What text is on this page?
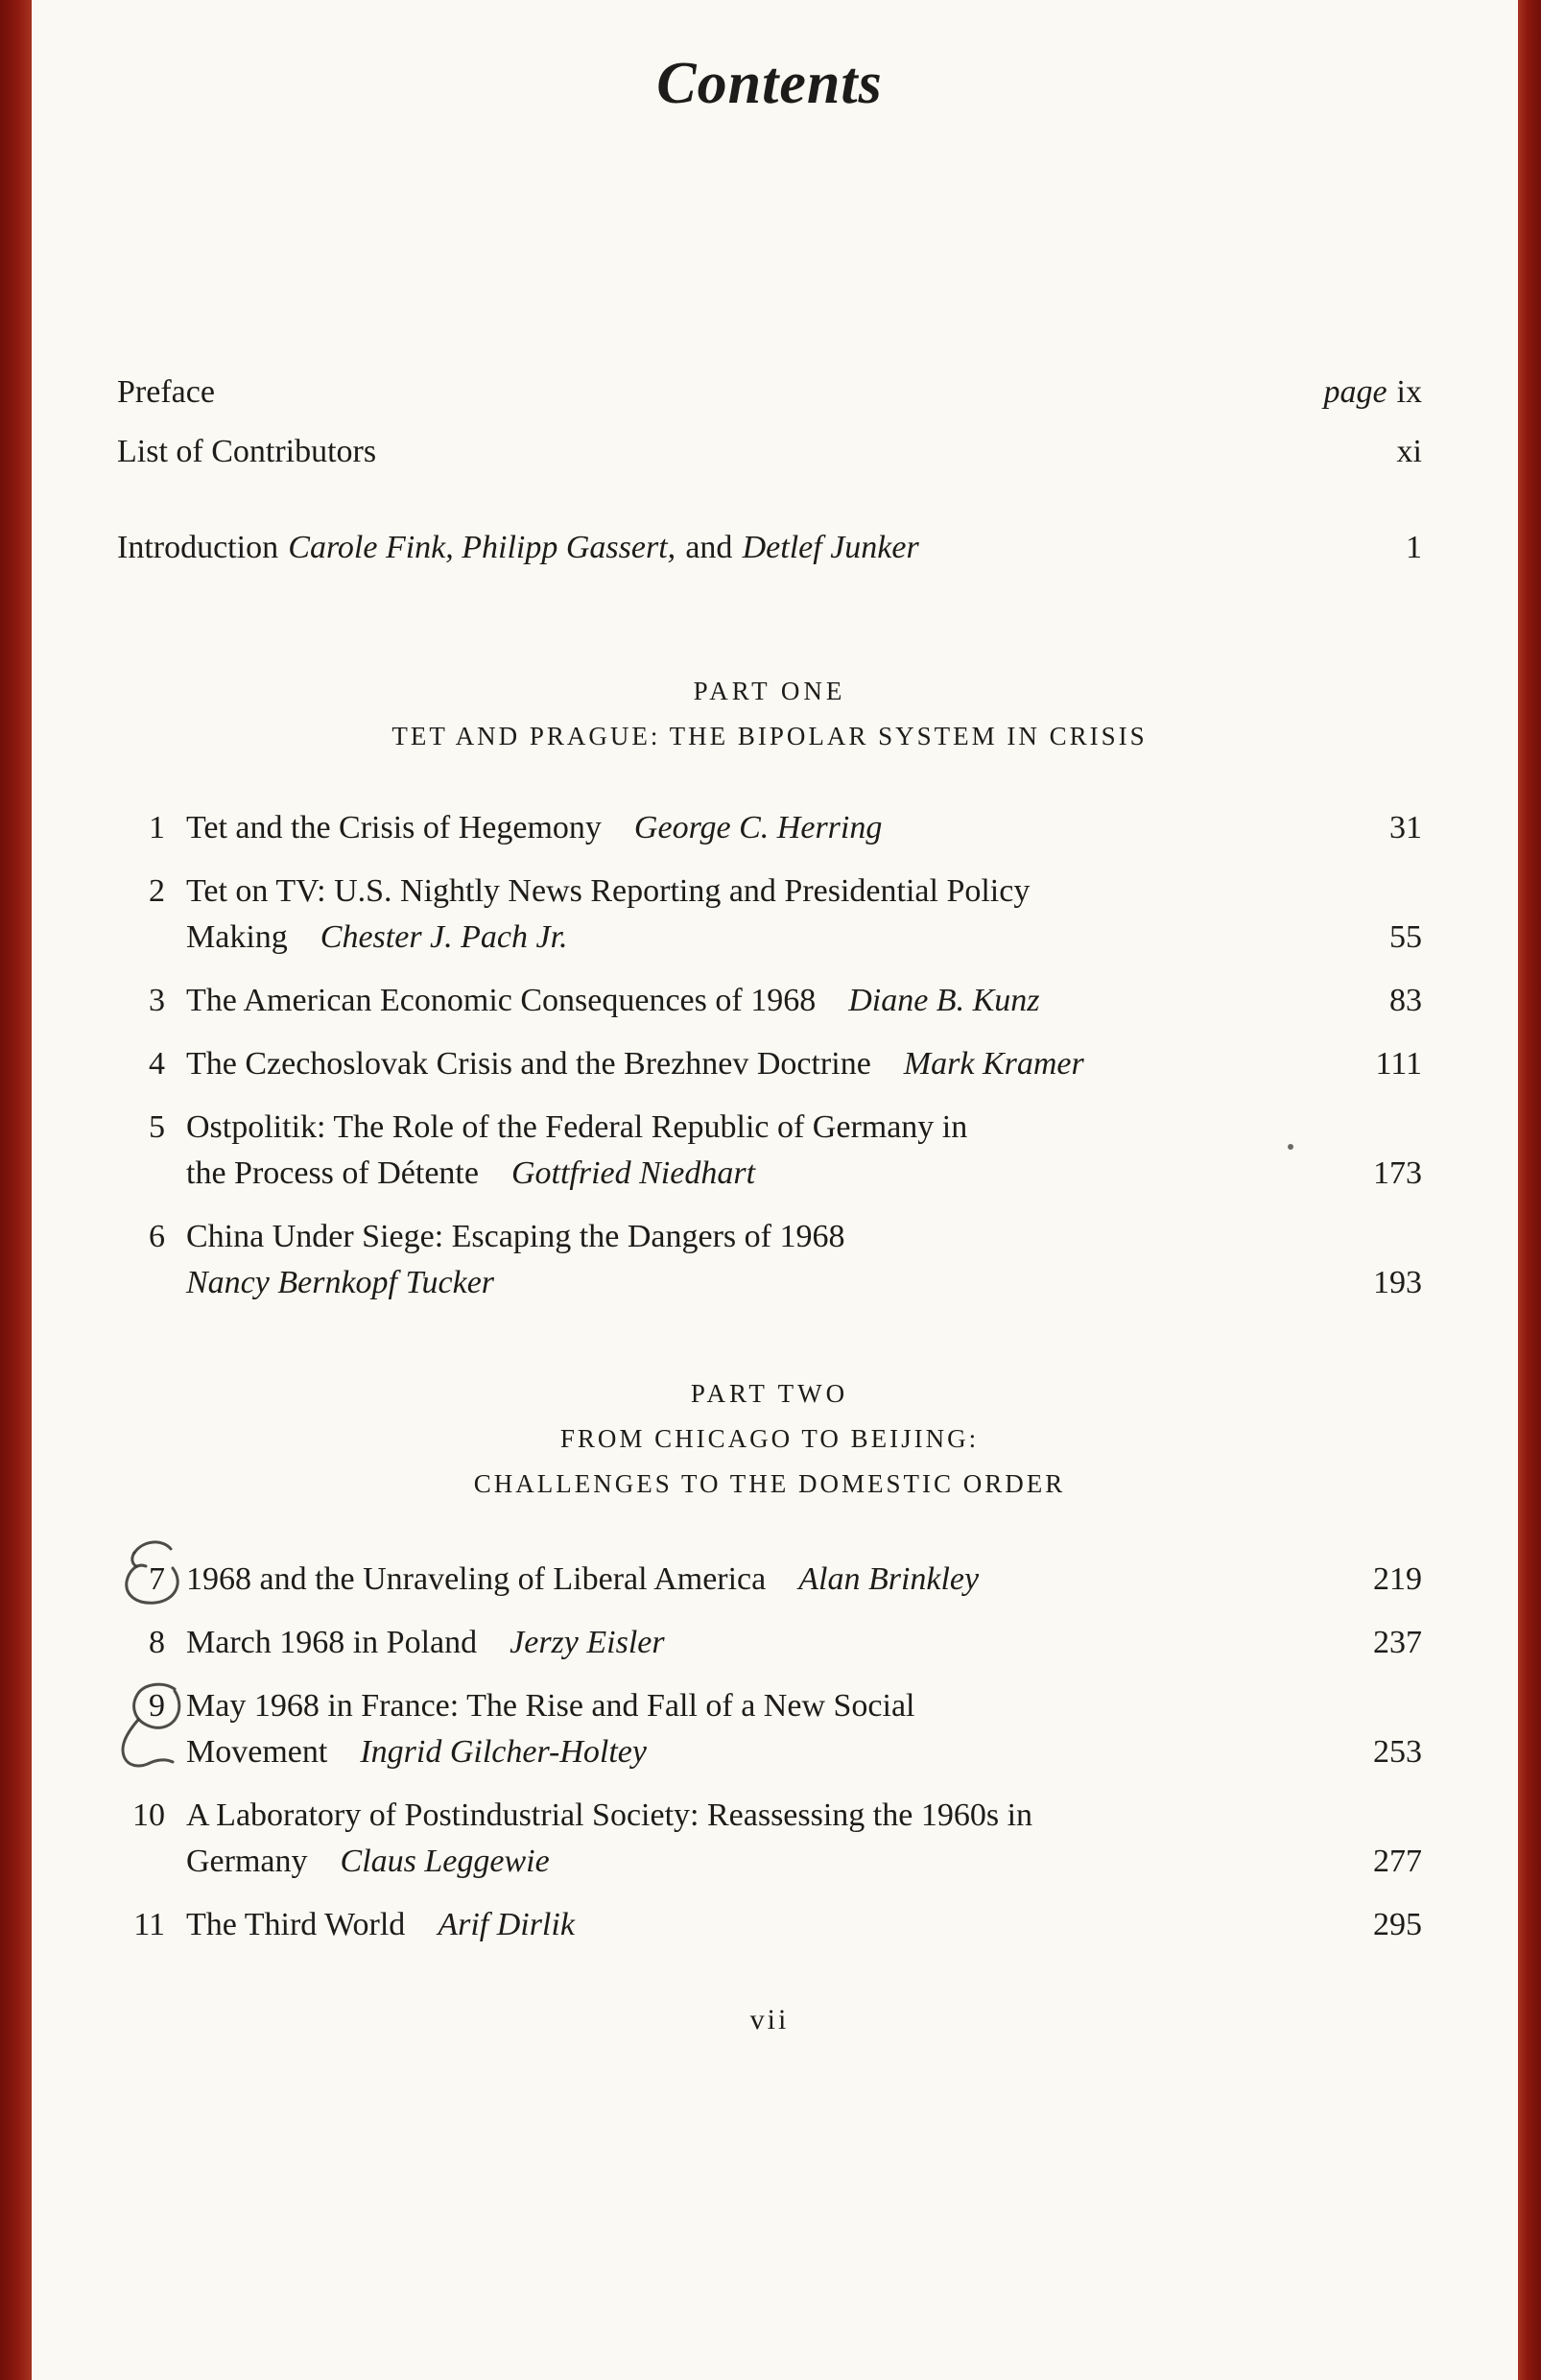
Contents
Preface	page ix
List of Contributors	xi
Introduction Carole Fink, Philipp Gassert, and Detlef Junker	1
PART ONE
TET AND PRAGUE: THE BIPOLAR SYSTEM IN CRISIS
1 Tet and the Crisis of Hegemony George C. Herring	31
2 Tet on TV: U.S. Nightly News Reporting and Presidential Policy
Making Chester J. Pach Jr.	55
3 The American Economic Consequences of 1968 Diane B. Kunz	83
4 The Czechoslovak Crisis and the Brezhnev Doctrine Mark Kramer	111
5 Ostpolitik: The Role of the Federal Republic of Germany in
the Process of Détente Gottfried Niedhart	173
6 China Under Siege: Escaping the Dangers of 1968
Nancy Bernkopf Tucker	193
PART TWO
FROM CHICAGO TO BEIJING:
CHALLENGES TO THE DOMESTIC ORDER
7 1968 and the Unraveling of Liberal America Alan Brinkley	219
8 March 1968 in Poland Jerzy Eisler	237
9 May 1968 in France: The Rise and Fall of a New Social
Movement Ingrid Gilcher-Holtey	253
10 A Laboratory of Postindustrial Society: Reassessing the 1960s in
Germany Claus Leggewie	277
11 The Third World Arif Dirlik	295
vii
